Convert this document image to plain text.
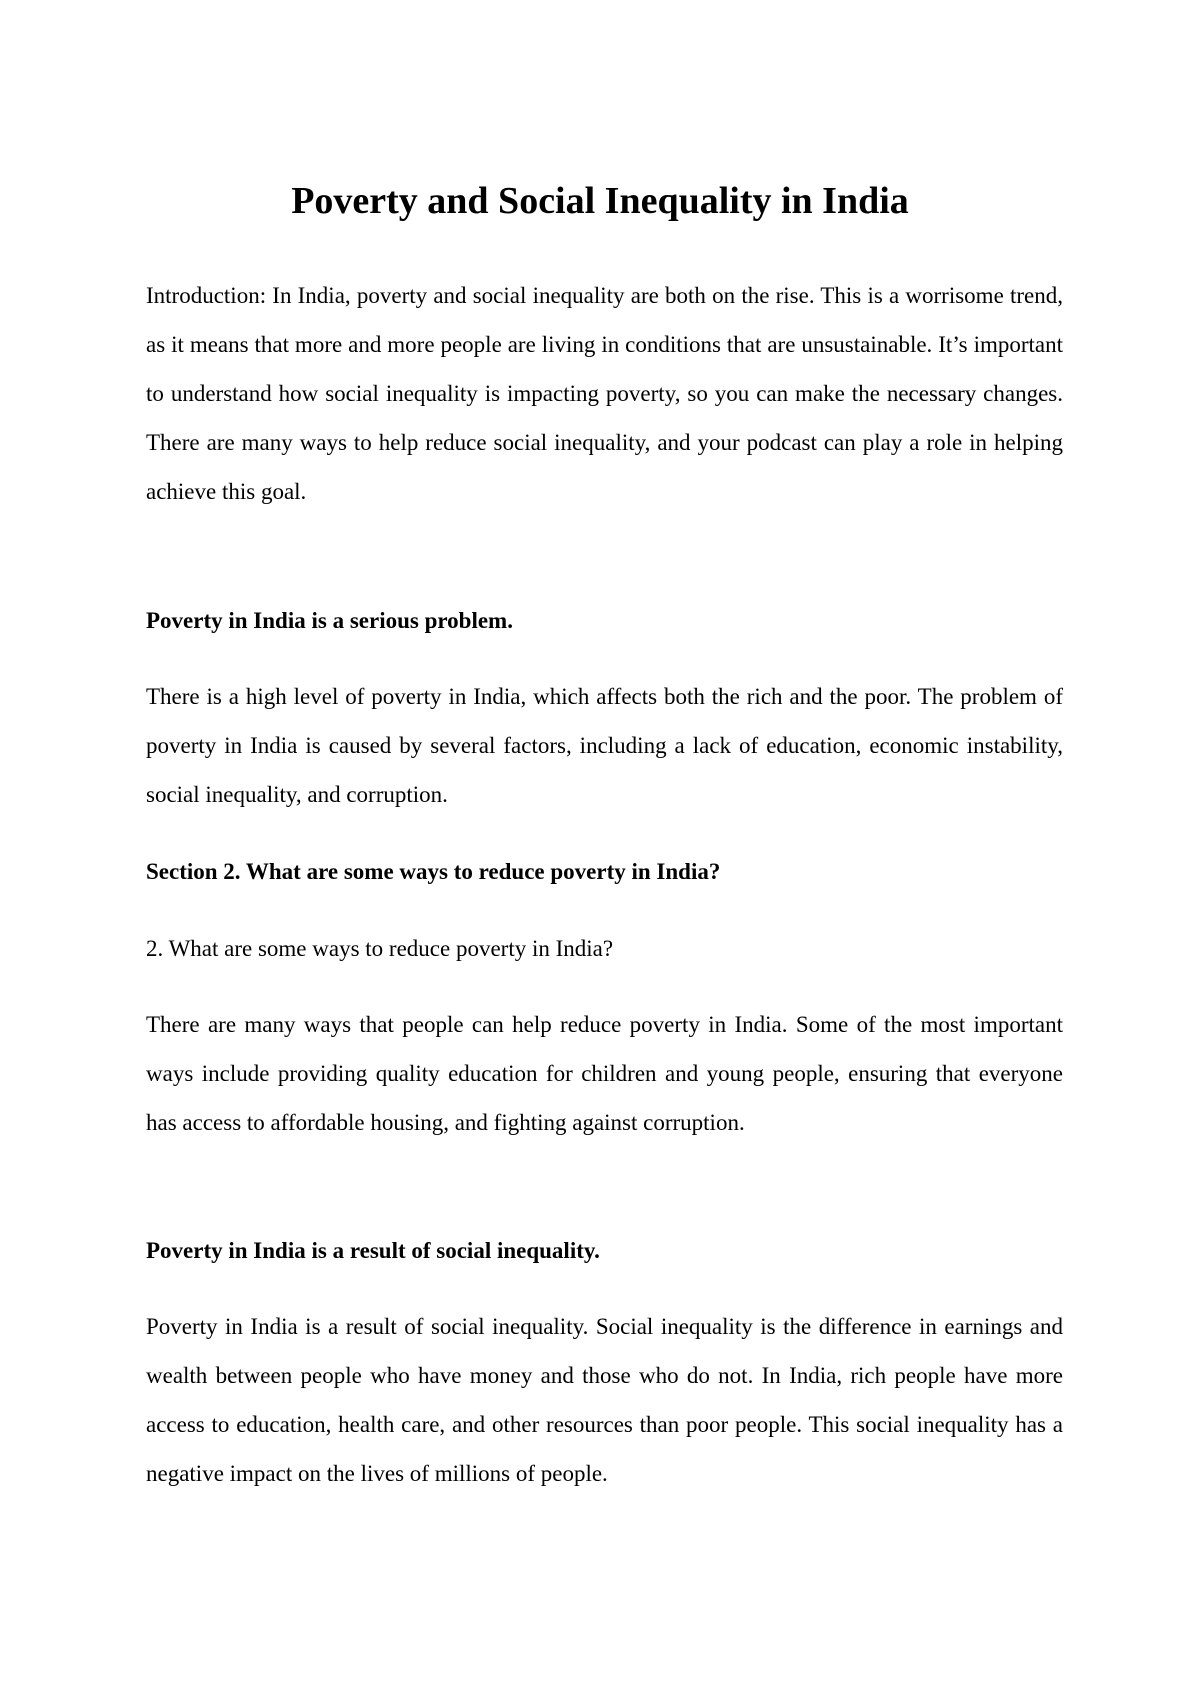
Poverty and Social Inequality in India

Introduction: In India, poverty and social inequality are both on the rise. This is a worrisome trend, as it means that more and more people are living in conditions that are unsustainable. It’s important to understand how social inequality is impacting poverty, so you can make the necessary changes. There are many ways to help reduce social inequality, and your podcast can play a role in helping achieve this goal.

Poverty in India is a serious problem.

There is a high level of poverty in India, which affects both the rich and the poor. The problem of poverty in India is caused by several factors, including a lack of education, economic instability, social inequality, and corruption.

Section 2. What are some ways to reduce poverty in India?

2. What are some ways to reduce poverty in India?

There are many ways that people can help reduce poverty in India. Some of the most important ways include providing quality education for children and young people, ensuring that everyone has access to affordable housing, and fighting against corruption.

Poverty in India is a result of social inequality.

Poverty in India is a result of social inequality. Social inequality is the difference in earnings and wealth between people who have money and those who do not. In India, rich people have more access to education, health care, and other resources than poor people. This social inequality has a negative impact on the lives of millions of people.
